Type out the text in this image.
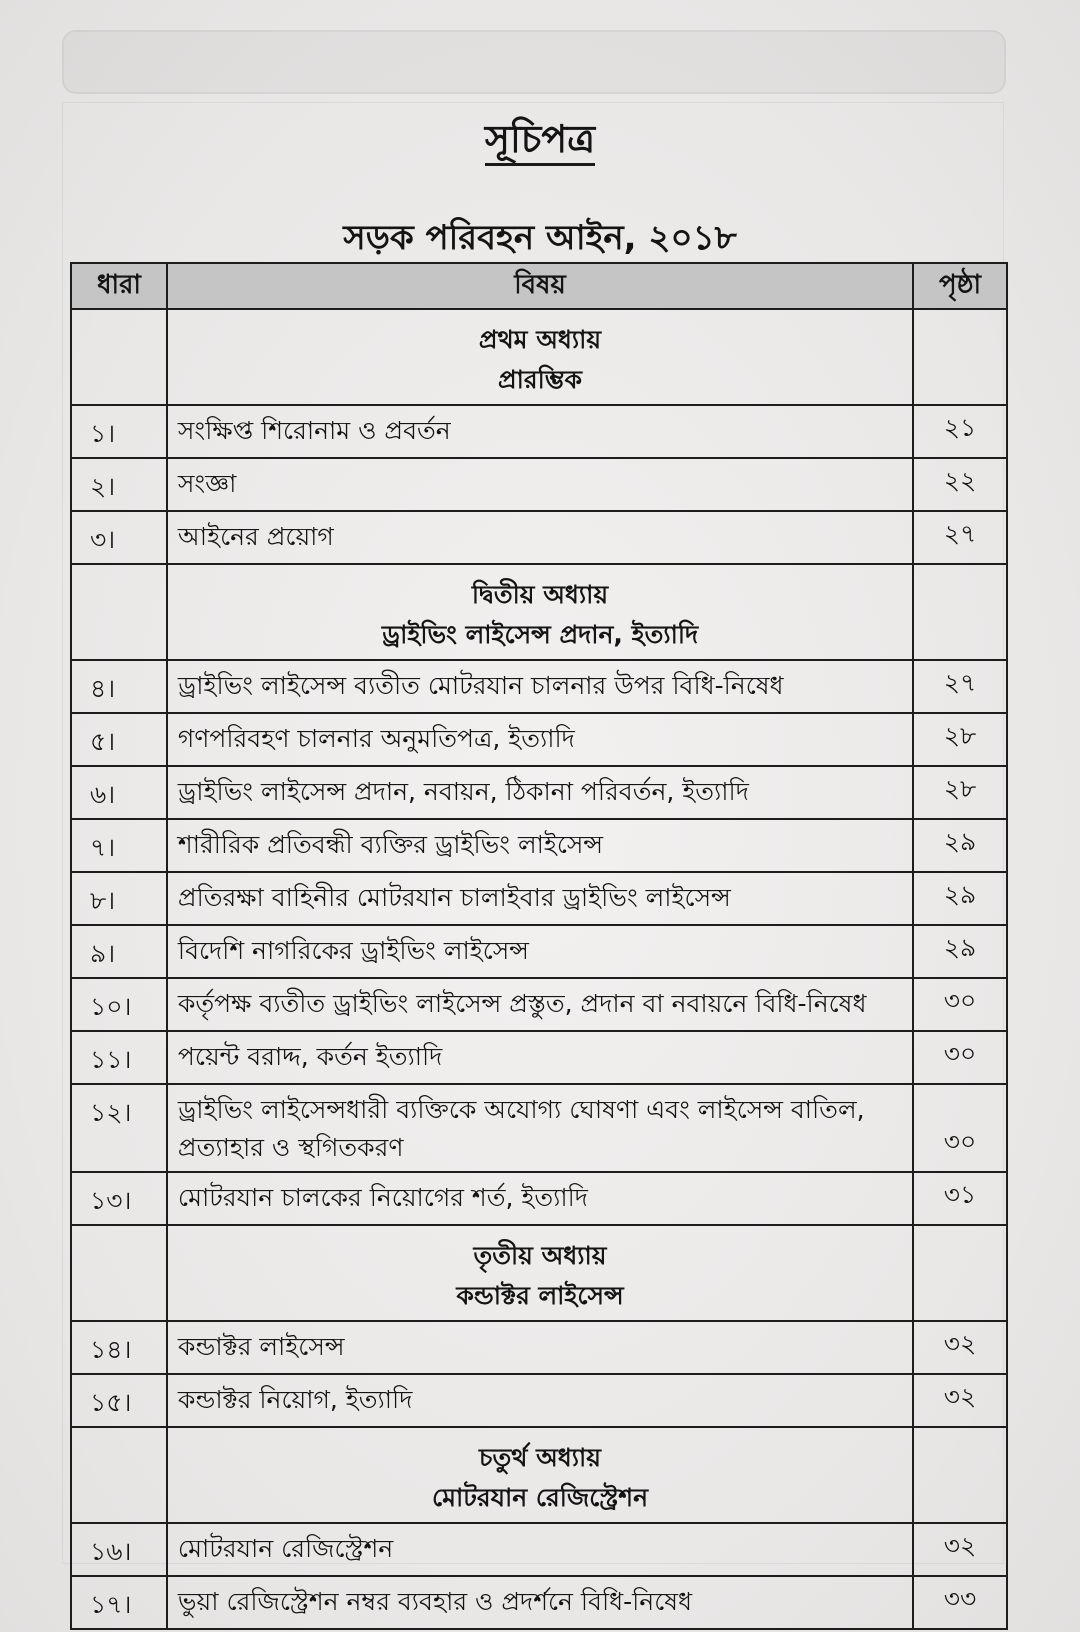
সূচিপত্র
সড়ক পরিবহন আইন, ২০১৮
ধারা	বিষয়	পৃষ্ঠা

	প্রথম অধ্যায়
প্রারম্ভিক	

১।	সংক্ষিপ্ত শিরোনাম ও প্রবর্তন	২১
২।	সংজ্ঞা	২২
৩।	আইনের প্রয়োগ	২৭

	দ্বিতীয় অধ্যায়
ড্রাইভিং লাইসেন্স প্রদান, ইত্যাদি	

৪।	ড্রাইভিং লাইসেন্স ব্যতীত মোটরযান চালনার উপর বিধি-নিষেধ	২৭
৫।	গণপরিবহণ চালনার অনুমতিপত্র, ইত্যাদি	২৮
৬।	ড্রাইভিং লাইসেন্স প্রদান, নবায়ন, ঠিকানা পরিবর্তন, ইত্যাদি	২৮
৭।	শারীরিক প্রতিবন্ধী ব্যক্তির ড্রাইভিং লাইসেন্স	২৯
৮।	প্রতিরক্ষা বাহিনীর মোটরযান চালাইবার ড্রাইভিং লাইসেন্স	২৯
৯।	বিদেশি নাগরিকের ড্রাইভিং লাইসেন্স	২৯
১০।	কর্তৃপক্ষ ব্যতীত ড্রাইভিং লাইসেন্স প্রস্তুত, প্রদান বা নবায়নে বিধি-নিষেধ	৩০
১১।	পয়েন্ট বরাদ্দ, কর্তন ইত্যাদি	৩০
১২।	ড্রাইভিং লাইসেন্সধারী ব্যক্তিকে অযোগ্য ঘোষণা এবং লাইসেন্স বাতিল, প্রত্যাহার ও স্থগিতকরণ	৩০
১৩।	মোটরযান চালকের নিয়োগের শর্ত, ইত্যাদি	৩১

	তৃতীয় অধ্যায়
কন্ডাক্টর লাইসেন্স	

১৪।	কন্ডাক্টর লাইসেন্স	৩২
১৫।	কন্ডাক্টর নিয়োগ, ইত্যাদি	৩২

	চতুর্থ অধ্যায়
মোটরযান রেজিস্ট্রেশন	

১৬।	মোটরযান রেজিস্ট্রেশন	৩২
১৭।	ভুয়া রেজিস্ট্রেশন নম্বর ব্যবহার ও প্রদর্শনে বিধি-নিষেধ	৩৩
